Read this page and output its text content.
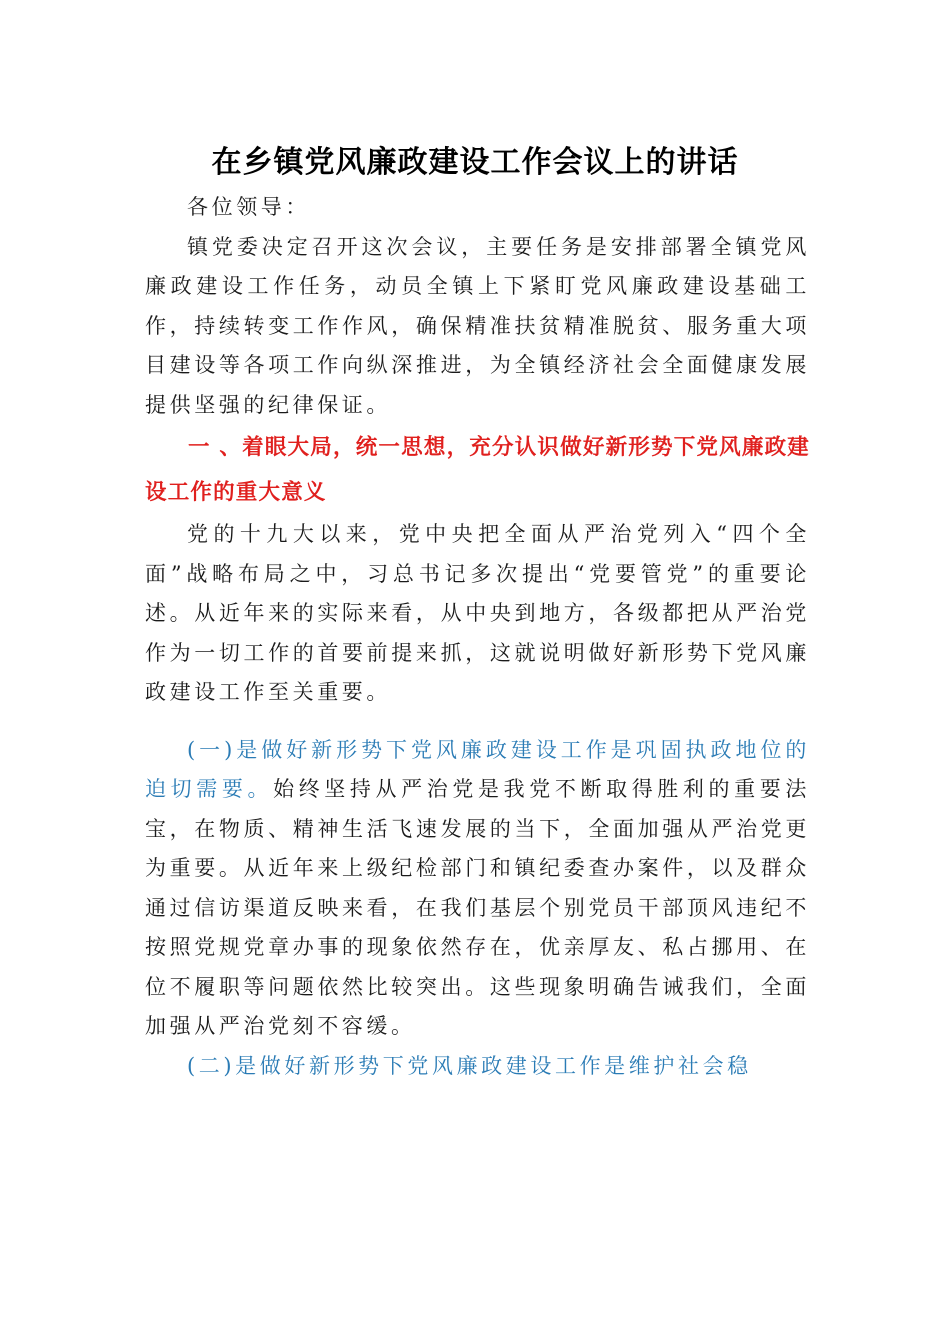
在乡镇党风廉政建设工作会议上的讲话

各位领导：

镇党委决定召开这次会议，主要任务是安排部署全镇党风廉政建设工作任务，动员全镇上下紧盯党风廉政建设基础工作，持续转变工作作风，确保精准扶贫精准脱贫、服务重大项目建设等各项工作向纵深推进，为全镇经济社会全面健康发展提供坚强的纪律保证。

一 、着眼大局，统一思想，充分认识做好新形势下党风廉政建设工作的重大意义

党的十九大以来，党中央把全面从严治党列入“四个全面”战略布局之中，习总书记多次提出“党要管党”的重要论述。从近年来的实际来看，从中央到地方，各级都把从严治党作为一切工作的首要前提来抓，这就说明做好新形势下党风廉政建设工作至关重要。

(一)是做好新形势下党风廉政建设工作是巩固执政地位的迫切需要。始终坚持从严治党是我党不断取得胜利的重要法宝，在物质、精神生活飞速发展的当下，全面加强从严治党更为重要。从近年来上级纪检部门和镇纪委查办案件，以及群众通过信访渠道反映来看，在我们基层个别党员干部顶风违纪不按照党规党章办事的现象依然存在，优亲厚友、私占挪用、在位不履职等问题依然比较突出。这些现象明确告诫我们，全面加强从严治党刻不容缓。

(二)是做好新形势下党风廉政建设工作是维护社会稳
